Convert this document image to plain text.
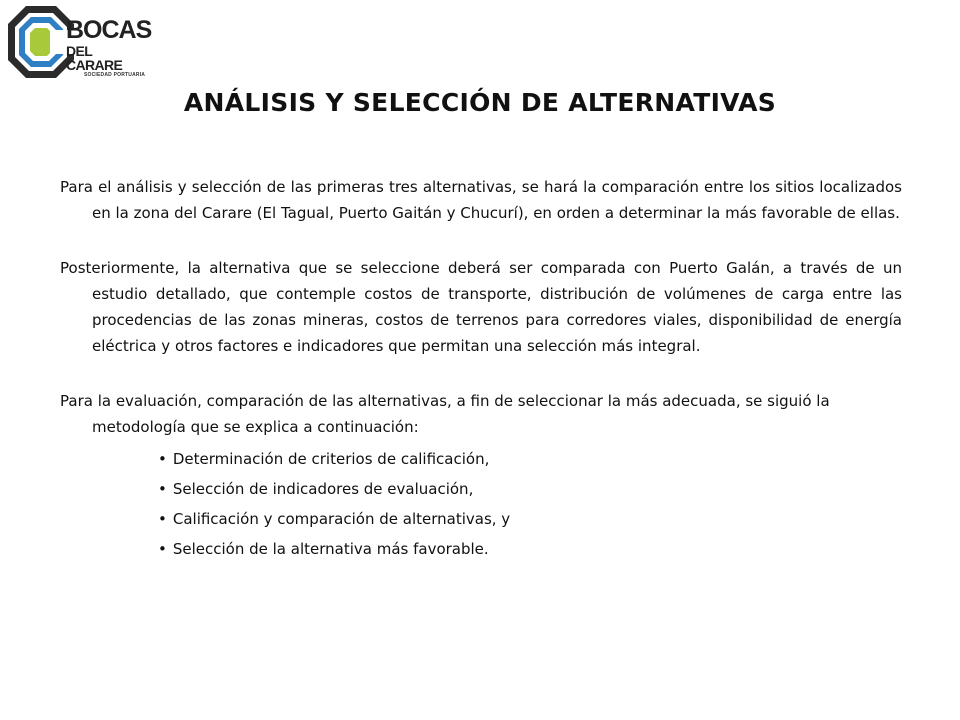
BOCAS
DEL CARARE
SOCIEDAD PORTUARIA
ANÁLISIS Y SELECCIÓN DE ALTERNATIVAS

Para el análisis y selección de las primeras tres alternativas, se hará la comparación entre los sitios localizados en la zona del Carare (El Tagual, Puerto Gaitán y Chucurí), en orden a determinar la más favorable de ellas.

Posteriormente, la alternativa que se seleccione deberá ser comparada con Puerto Galán, a través de un estudio detallado, que contemple costos de transporte, distribución de volúmenes de carga entre las procedencias de las zonas mineras, costos de terrenos para corredores viales, disponibilidad de energía eléctrica y otros factores e indicadores que permitan una selección más integral.

Para la evaluación, comparación de las alternativas, a fin de seleccionar la más adecuada, se siguió la metodología que se explica a continuación:

• Determinación de criterios de calificación,
• Selección de indicadores de evaluación,
• Calificación y comparación de alternativas, y
• Selección de la alternativa más favorable.
